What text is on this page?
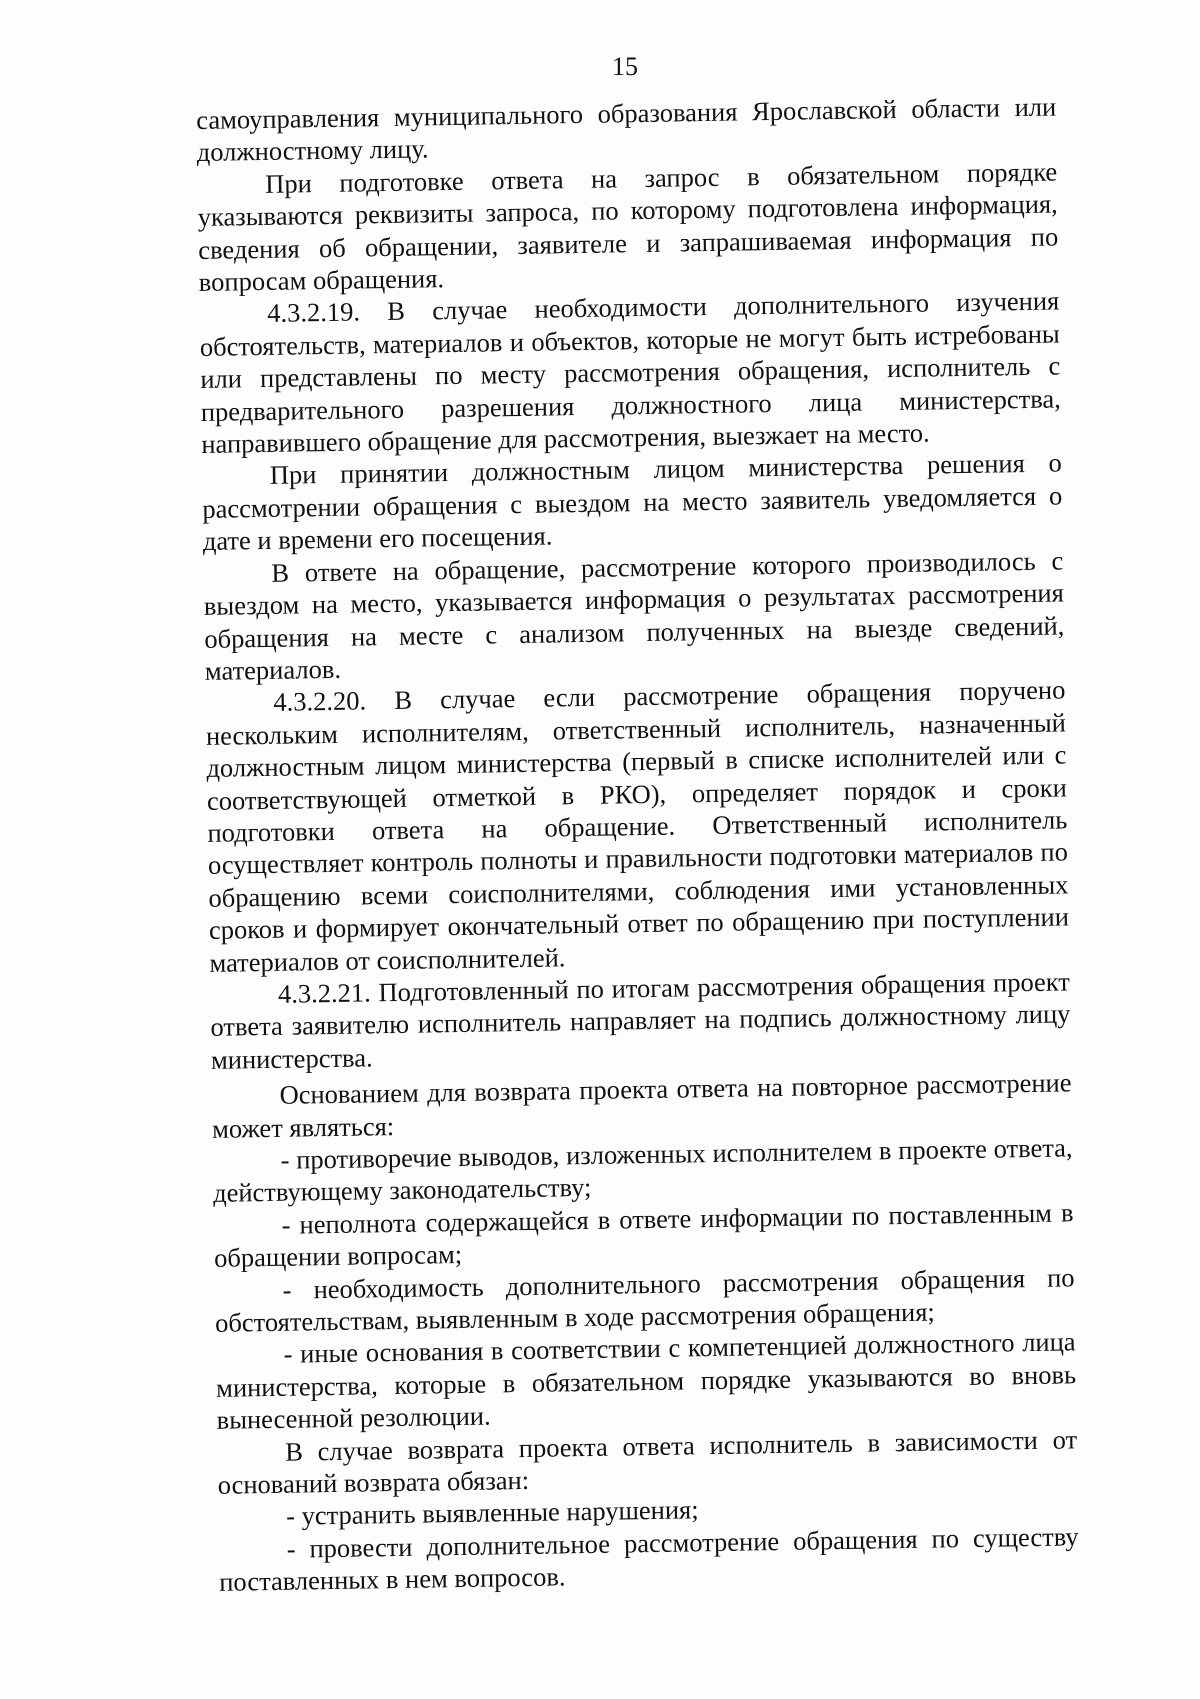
15

самоуправления муниципального образования Ярославской области или должностному лицу.

При подготовке ответа на запрос в обязательном порядке указываются реквизиты запроса, по которому подготовлена информация, сведения об обращении, заявителе и запрашиваемая информация по вопросам обращения.

4.3.2.19. В случае необходимости дополнительного изучения обстоятельств, материалов и объектов, которые не могут быть истребованы или представлены по месту рассмотрения обращения, исполнитель с предварительного разрешения должностного лица министерства, направившего обращение для рассмотрения, выезжает на место.

При принятии должностным лицом министерства решения о рассмотрении обращения с выездом на место заявитель уведомляется о дате и времени его посещения.

В ответе на обращение, рассмотрение которого производилось с выездом на место, указывается информация о результатах рассмотрения обращения на месте с анализом полученных на выезде сведений, материалов.

4.3.2.20. В случае если рассмотрение обращения поручено нескольким исполнителям, ответственный исполнитель, назначенный должностным лицом министерства (первый в списке исполнителей или с соответствующей отметкой в РКО), определяет порядок и сроки подготовки ответа на обращение. Ответственный исполнитель осуществляет контроль полноты и правильности подготовки материалов по обращению всеми соисполнителями, соблюдения ими установленных сроков и формирует окончательный ответ по обращению при поступлении материалов от соисполнителей.

4.3.2.21. Подготовленный по итогам рассмотрения обращения проект ответа заявителю исполнитель направляет на подпись должностному лицу министерства.

Основанием для возврата проекта ответа на повторное рассмотрение может являться:

- противоречие выводов, изложенных исполнителем в проекте ответа, действующему законодательству;

- неполнота содержащейся в ответе информации по поставленным в обращении вопросам;

- необходимость дополнительного рассмотрения обращения по обстоятельствам, выявленным в ходе рассмотрения обращения;

- иные основания в соответствии с компетенцией должностного лица министерства, которые в обязательном порядке указываются во вновь вынесенной резолюции.

В случае возврата проекта ответа исполнитель в зависимости от оснований возврата обязан:

- устранить выявленные нарушения;

- провести дополнительное рассмотрение обращения по существу поставленных в нем вопросов.
